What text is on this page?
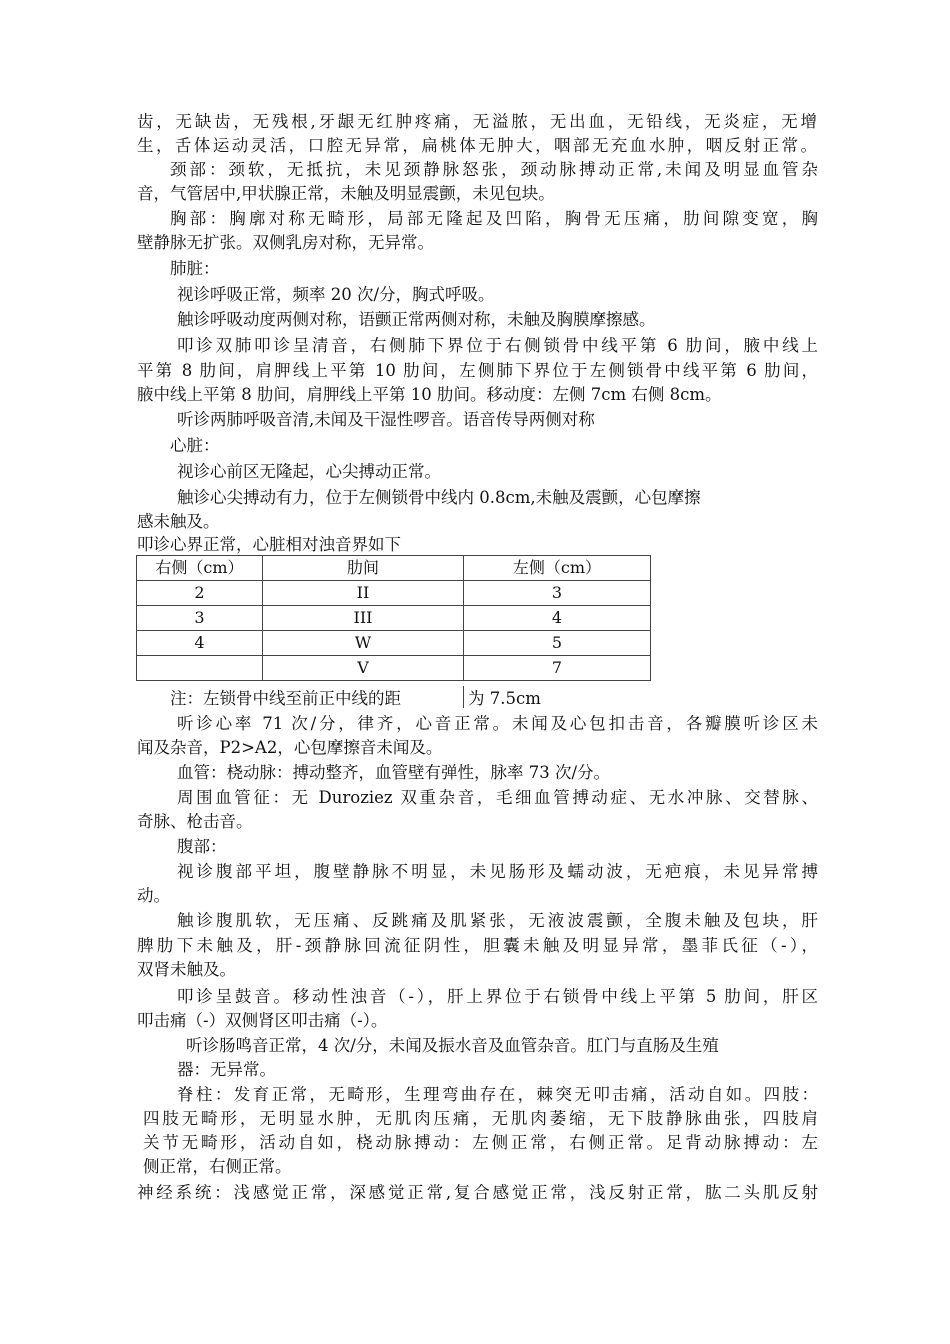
齿，无缺齿，无残根,牙龈无红肿疼痛，无溢脓，无出血，无铅线，无炎症，无增
生，舌体运动灵活，口腔无异常，扁桃体无肿大，咽部无充血水肿，咽反射正常。
颈部：颈软，无抵抗，未见颈静脉怒张，颈动脉搏动正常,未闻及明显血管杂
音，气管居中,甲状腺正常，未触及明显震颤，未见包块。
胸部：胸廓对称无畸形，局部无隆起及凹陷，胸骨无压痛，肋间隙变宽，胸
壁静脉无扩张。双侧乳房对称，无异常。
肺脏：
视诊呼吸正常，频率 20 次/分，胸式呼吸。
触诊呼吸动度两侧对称，语颤正常两侧对称，未触及胸膜摩擦感。
叩诊双肺叩诊呈清音，右侧肺下界位于右侧锁骨中线平第 6 肋间，腋中线上
平第 8 肋间，肩胛线上平第 10 肋间，左侧肺下界位于左侧锁骨中线平第 6 肋间，
腋中线上平第 8 肋间，肩胛线上平第 10 肋间。移动度：左侧 7cm 右侧 8cm。
听诊两肺呼吸音清,未闻及干湿性啰音。语音传导两侧对称
心脏：
视诊心前区无隆起，心尖搏动正常。
触诊心尖搏动有力，位于左侧锁骨中线内 0.8cm,未触及震颤，心包摩擦
感未触及。
叩诊心界正常，心脏相对浊音界如下
右侧（cm）	肋间	左侧（cm）
2	II	3
3	III	4
4	W	5
	V	7
注：左锁骨中线至前正中线的距	为 7.5cm
听诊心率 71 次/分，律齐，心音正常。未闻及心包扣击音，各瓣膜听诊区未
闻及杂音，P2>A2，心包摩擦音未闻及。
血管：桡动脉：搏动整齐，血管壁有弹性，脉率 73 次/分。
周围血管征：无 Duroziez 双重杂音，毛细血管搏动症、无水冲脉、交替脉、
奇脉、枪击音。
腹部：
视诊腹部平坦，腹壁静脉不明显，未见肠形及蠕动波，无疤痕，未见异常搏
动。
触诊腹肌软，无压痛、反跳痛及肌紧张，无液波震颤，全腹未触及包块，肝
脾肋下未触及，肝-颈静脉回流征阴性，胆囊未触及明显异常，墨菲氏征（-），
双肾未触及。
叩诊呈鼓音。移动性浊音（-），肝上界位于右锁骨中线上平第 5 肋间，肝区
叩击痛（-）双侧肾区叩击痛（-）。
听诊肠鸣音正常，4 次/分，未闻及振水音及血管杂音。肛门与直肠及生殖
器：无异常。
脊柱：发育正常，无畸形，生理弯曲存在，棘突无叩击痛，活动自如。四肢：
四肢无畸形，无明显水肿，无肌肉压痛，无肌肉萎缩，无下肢静脉曲张，四肢肩
关节无畸形，活动自如，桡动脉搏动：左侧正常，右侧正常。足背动脉搏动：左
侧正常，右侧正常。
神经系统：浅感觉正常，深感觉正常,复合感觉正常，浅反射正常，肱二头肌反射
